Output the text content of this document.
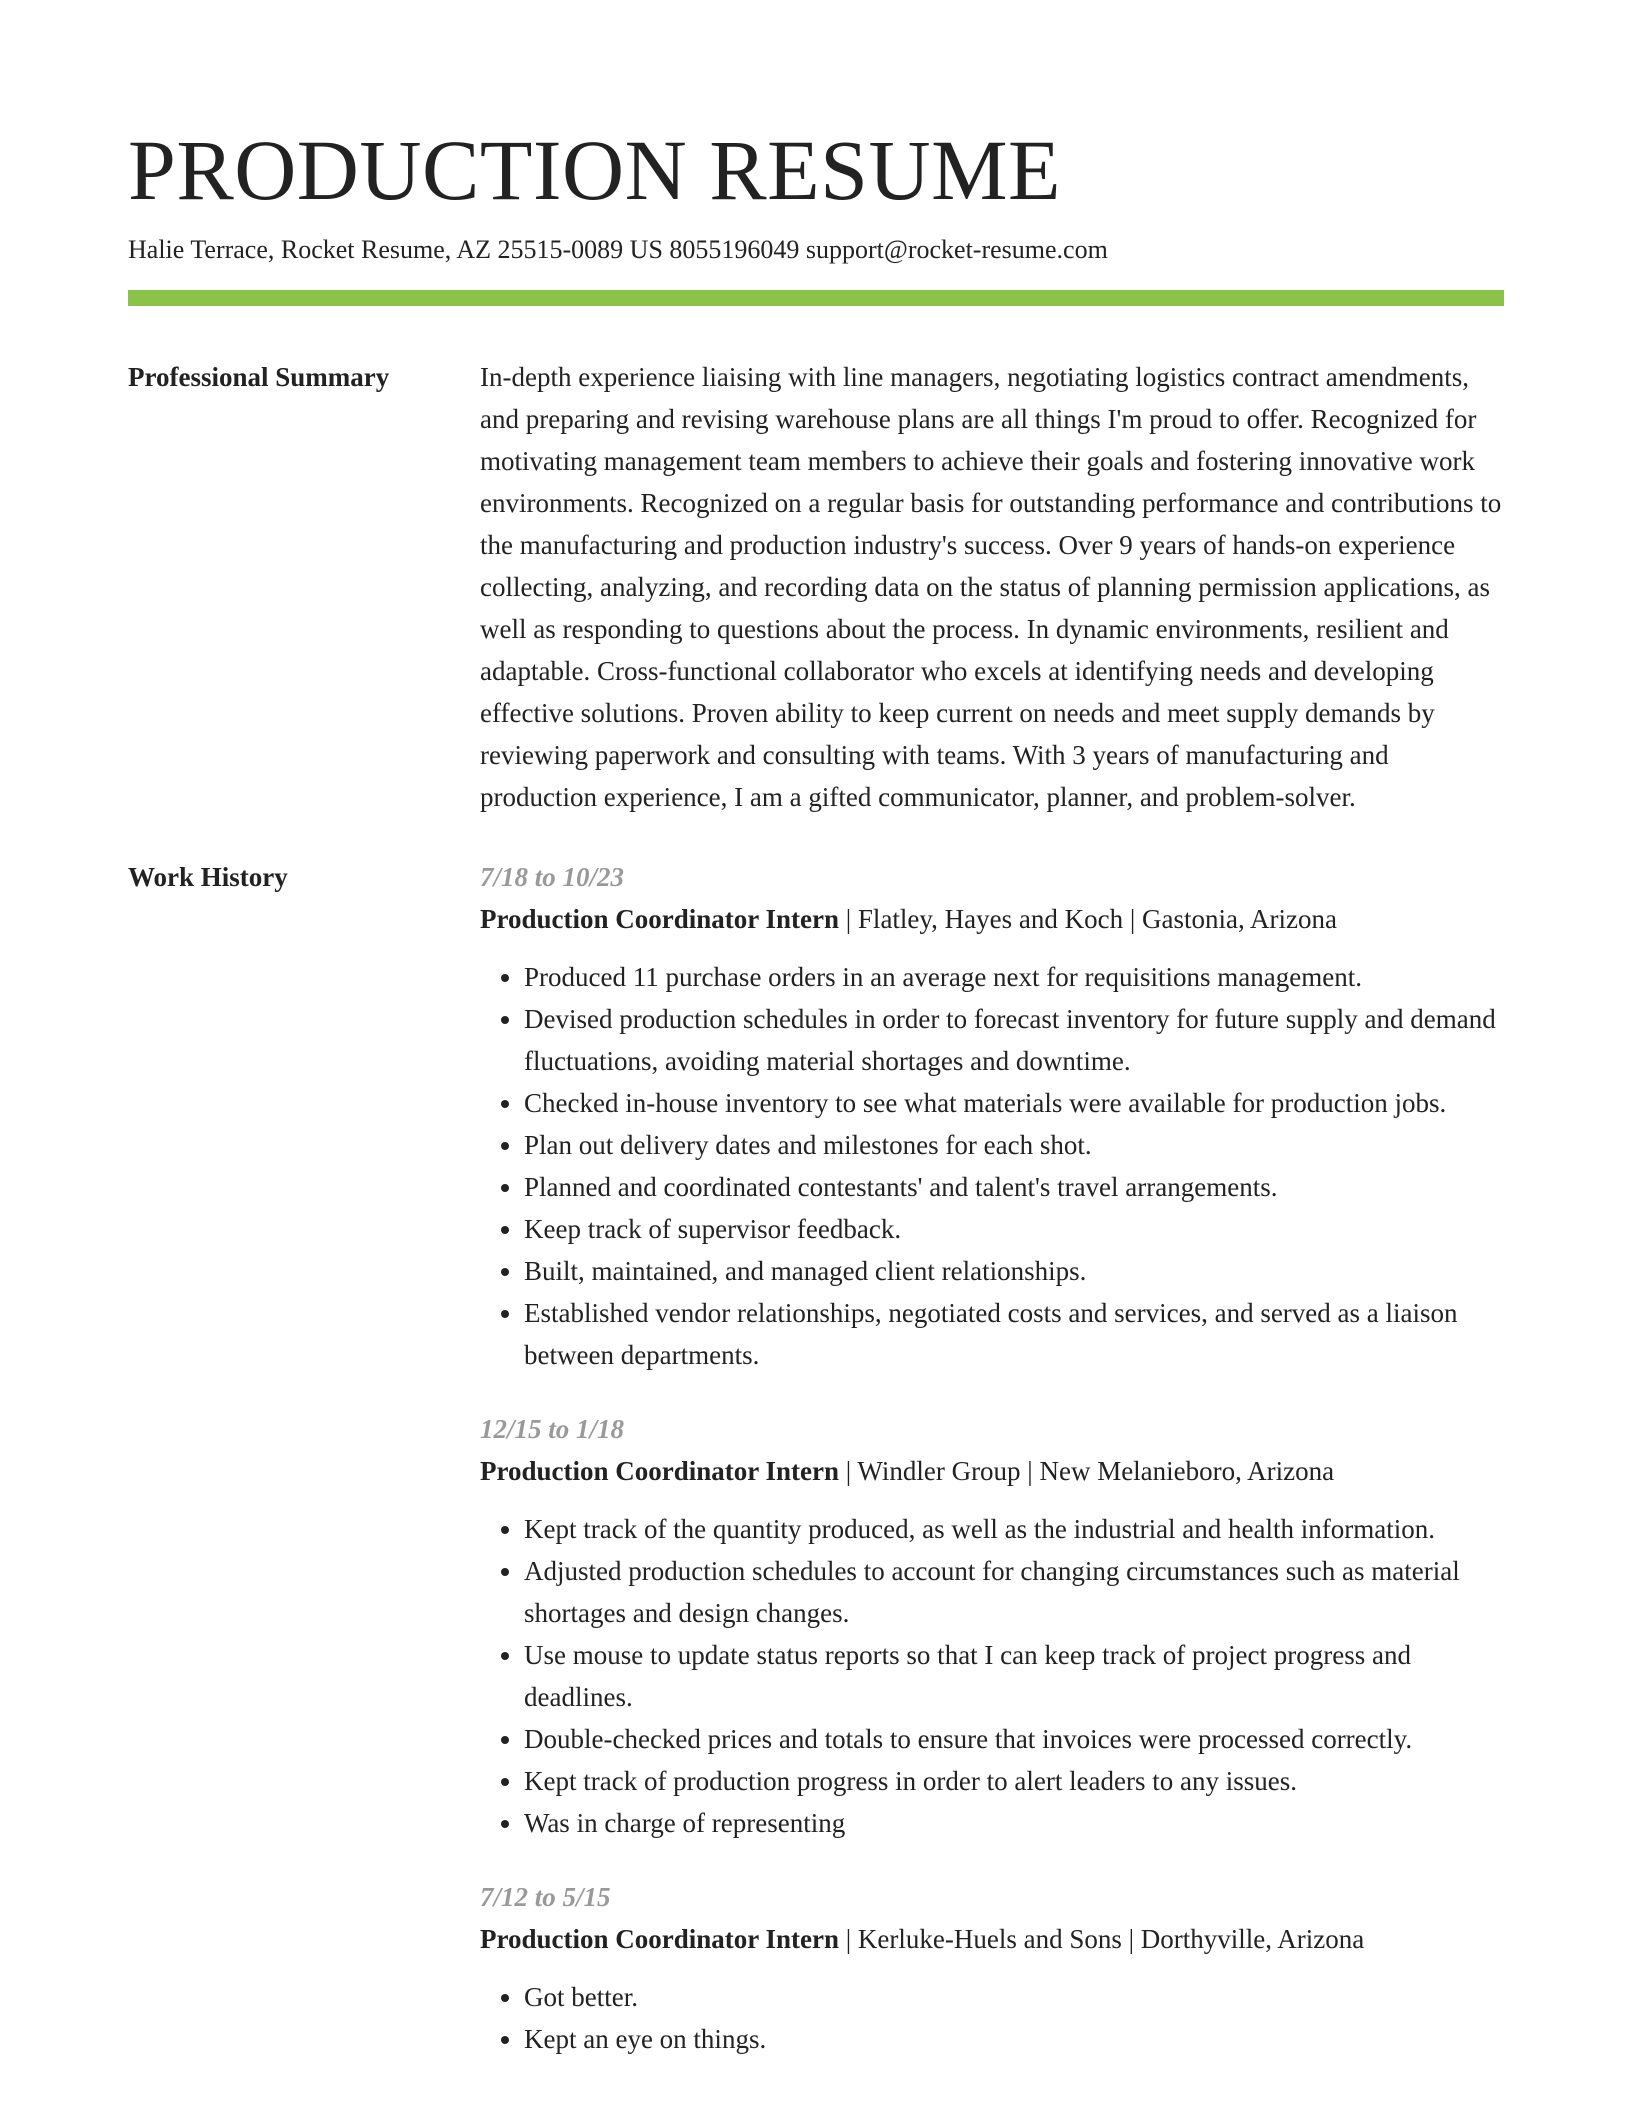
PRODUCTION RESUME
Halie Terrace, Rocket Resume, AZ 25515-0089 US 8055196049 support@rocket-resume.com
Professional Summary	In-depth experience liaising with line managers, negotiating logistics contract amendments, and preparing and revising warehouse plans are all things I'm proud to offer. Recognized for motivating management team members to achieve their goals and fostering innovative work environments. Recognized on a regular basis for outstanding performance and contributions to the manufacturing and production industry's success. Over 9 years of hands-on experience collecting, analyzing, and recording data on the status of planning permission applications, as well as responding to questions about the process. In dynamic environments, resilient and adaptable. Cross-functional collaborator who excels at identifying needs and developing effective solutions. Proven ability to keep current on needs and meet supply demands by reviewing paperwork and consulting with teams. With 3 years of manufacturing and production experience, I am a gifted communicator, planner, and problem-solver.

Work History	7/18 to 10/23
Production Coordinator Intern | Flatley, Hayes and Koch | Gastonia, Arizona
• Produced 11 purchase orders in an average next for requisitions management.
• Devised production schedules in order to forecast inventory for future supply and demand fluctuations, avoiding material shortages and downtime.
• Checked in-house inventory to see what materials were available for production jobs.
• Plan out delivery dates and milestones for each shot.
• Planned and coordinated contestants' and talent's travel arrangements.
• Keep track of supervisor feedback.
• Built, maintained, and managed client relationships.
• Established vendor relationships, negotiated costs and services, and served as a liaison between departments.
12/15 to 1/18
Production Coordinator Intern | Windler Group | New Melanieboro, Arizona
• Kept track of the quantity produced, as well as the industrial and health information.
• Adjusted production schedules to account for changing circumstances such as material shortages and design changes.
• Use mouse to update status reports so that I can keep track of project progress and deadlines.
• Double-checked prices and totals to ensure that invoices were processed correctly.
• Kept track of production progress in order to alert leaders to any issues.
• Was in charge of representing
7/12 to 5/15
Production Coordinator Intern | Kerluke-Huels and Sons | Dorthyville, Arizona
• Got better.
• Kept an eye on things.
